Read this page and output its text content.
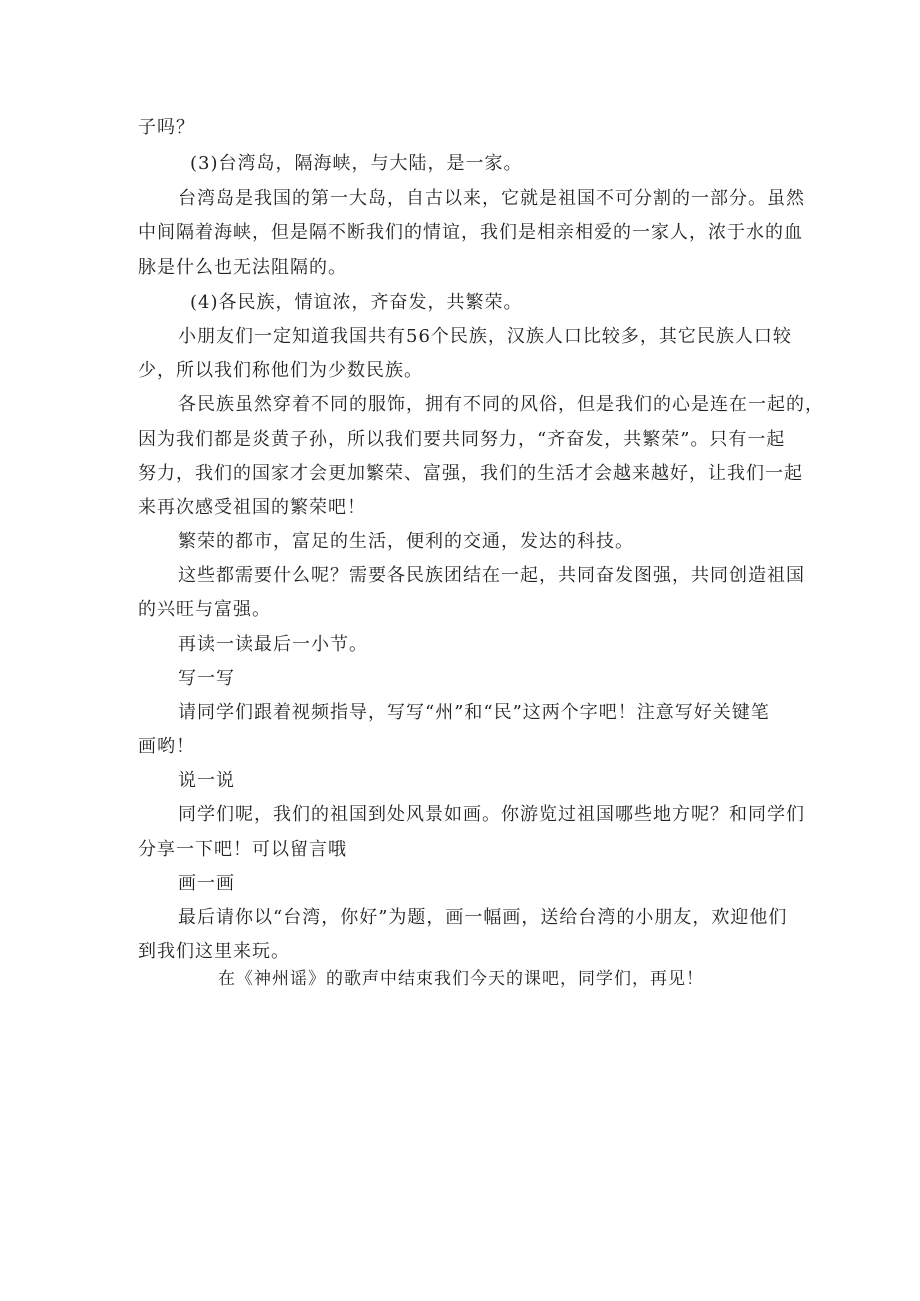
子吗？
(3)台湾岛，隔海峡，与大陆，是一家。
台湾岛是我国的第一大岛，自古以来，它就是祖国不可分割的一部分。虽然
中间隔着海峡，但是隔不断我们的情谊，我们是相亲相爱的一家人，浓于水的血
脉是什么也无法阻隔的。
(4)各民族，情谊浓，齐奋发，共繁荣。
小朋友们一定知道我国共有56个民族，汉族人口比较多，其它民族人口较
少，所以我们称他们为少数民族。
各民族虽然穿着不同的服饰，拥有不同的风俗，但是我们的心是连在一起的，
因为我们都是炎黄子孙，所以我们要共同努力，“齐奋发，共繁荣”。只有一起
努力，我们的国家才会更加繁荣、富强，我们的生活才会越来越好，让我们一起
来再次感受祖国的繁荣吧！
繁荣的都市，富足的生活，便利的交通，发达的科技。
这些都需要什么呢？需要各民族团结在一起，共同奋发图强，共同创造祖国
的兴旺与富强。
再读一读最后一小节。
写一写
请同学们跟着视频指导，写写“州”和“民”这两个字吧！注意写好关键笔
画哟！
说一说
同学们呢，我们的祖国到处风景如画。你游览过祖国哪些地方呢？和同学们
分享一下吧！可以留言哦
画一画
最后请你以“台湾，你好”为题，画一幅画，送给台湾的小朋友，欢迎他们
到我们这里来玩。
在《神州谣》的歌声中结束我们今天的课吧，同学们，再见！
